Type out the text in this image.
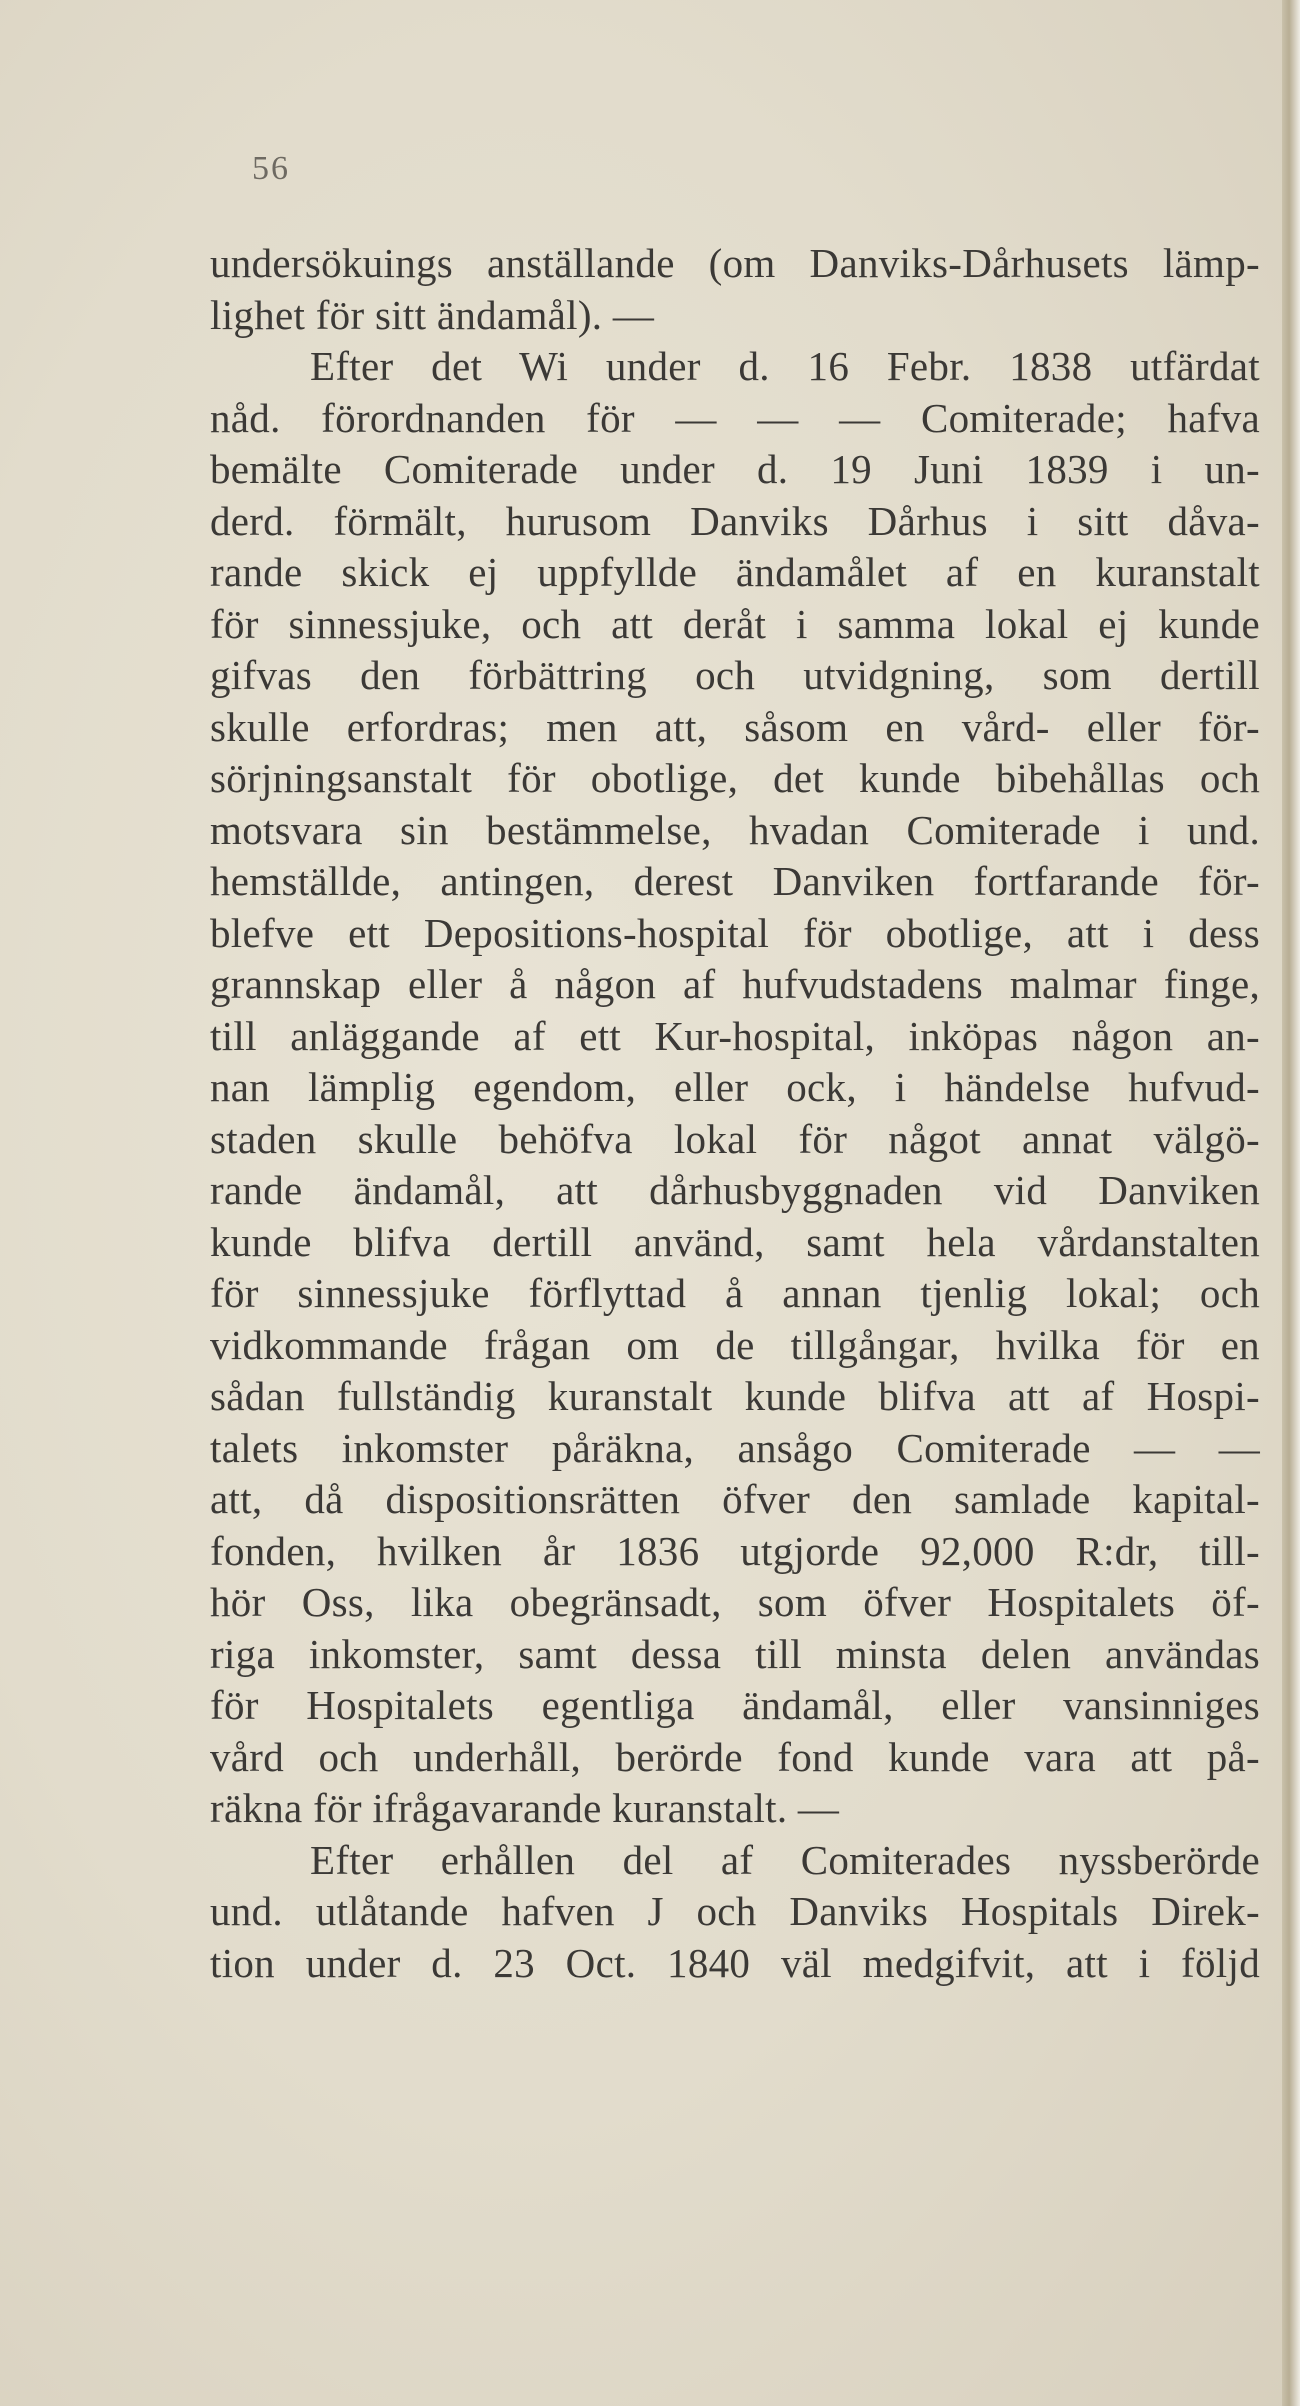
56
undersökuings anställande (om Danviks-Dårhusets lämp-
lighet för sitt ändamål). —
Efter det Wi under d. 16 Febr. 1838 utfärdat
nåd. förordnanden för — — — Comiterade; hafva
bemälte Comiterade under d. 19 Juni 1839 i un-
derd. förmält, hurusom Danviks Dårhus i sitt dåva-
rande skick ej uppfyllde ändamålet af en kuranstalt
för sinnessjuke, och att deråt i samma lokal ej kunde
gifvas den förbättring och utvidgning, som dertill
skulle erfordras; men att, såsom en vård- eller för-
sörjningsanstalt för obotlige, det kunde bibehållas och
motsvara sin bestämmelse, hvadan Comiterade i und.
hemställde, antingen, derest Danviken fortfarande för-
blefve ett Depositions-hospital för obotlige, att i dess
grannskap eller å någon af hufvudstadens malmar finge,
till anläggande af ett Kur-hospital, inköpas någon an-
nan lämplig egendom, eller ock, i händelse hufvud-
staden skulle behöfva lokal för något annat välgö-
rande ändamål, att dårhusbyggnaden vid Danviken
kunde blifva dertill använd, samt hela vårdanstalten
för sinnessjuke förflyttad å annan tjenlig lokal; och
vidkommande frågan om de tillgångar, hvilka för en
sådan fullständig kuranstalt kunde blifva att af Hospi-
talets inkomster påräkna, ansågo Comiterade — —
att, då dispositionsrätten öfver den samlade kapital-
fonden, hvilken år 1836 utgjorde 92,000 R:dr, till-
hör Oss, lika obegränsadt, som öfver Hospitalets öf-
riga inkomster, samt dessa till minsta delen användas
för Hospitalets egentliga ändamål, eller vansinniges
vård och underhåll, berörde fond kunde vara att på-
räkna för ifrågavarande kuranstalt. —
Efter erhållen del af Comiterades nyssberörde
und. utlåtande hafven J och Danviks Hospitals Direk-
tion under d. 23 Oct. 1840 väl medgifvit, att i följd
